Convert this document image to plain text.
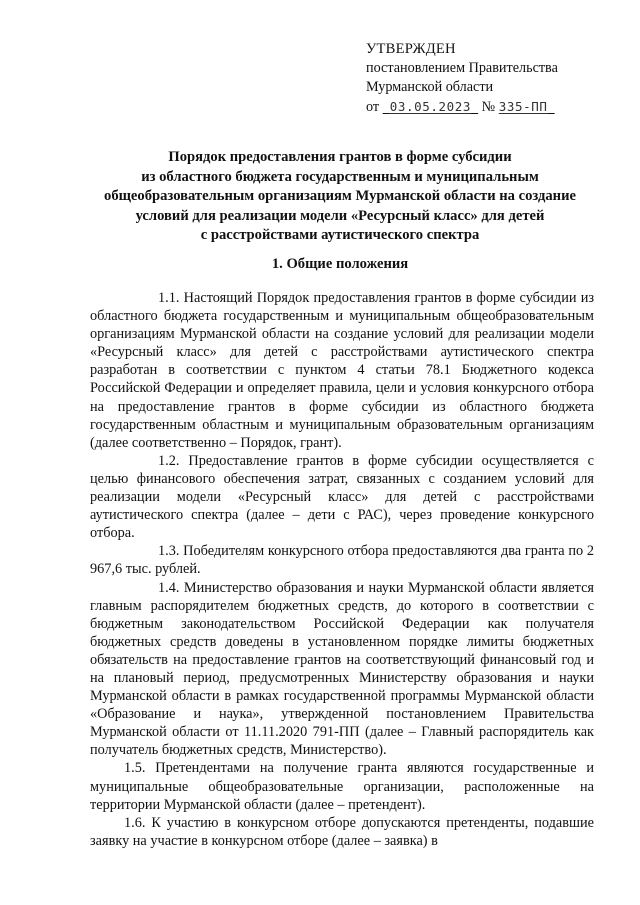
УТВЕРЖДЕН
постановлением Правительства
Мурманской области
от 03.05.2023 № 335-ПП
Порядок предоставления грантов в форме субсидии
из областного бюджета государственным и муниципальным
общеобразовательным организациям Мурманской области на создание
условий для реализации модели «Ресурсный класс» для детей
с расстройствами аутистического спектра
1. Общие положения

1.1. Настоящий Порядок предоставления грантов в форме субсидии из областного бюджета государственным и муниципальным общеобразовательным организациям Мурманской области на создание условий для реализации модели «Ресурсный класс» для детей с расстройствами аутистического спектра разработан в соответствии с пунктом 4 статьи 78.1 Бюджетного кодекса Российской Федерации и определяет правила, цели и условия конкурсного отбора на предоставление грантов в форме субсидии из областного бюджета государственным областным и муниципальным образовательным организациям (далее соответственно – Порядок, грант).

1.2. Предоставление грантов в форме субсидии осуществляется с целью финансового обеспечения затрат, связанных с созданием условий для реализации модели «Ресурсный класс» для детей с расстройствами аутистического спектра (далее – дети с РАС), через проведение конкурсного отбора.

1.3. Победителям конкурсного отбора предоставляются два гранта по 2 967,6 тыс. рублей.

1.4. Министерство образования и науки Мурманской области является главным распорядителем бюджетных средств, до которого в соответствии с бюджетным законодательством Российской Федерации как получателя бюджетных средств доведены в установленном порядке лимиты бюджетных обязательств на предоставление грантов на соответствующий финансовый год и на плановый период, предусмотренных Министерству образования и науки Мурманской области в рамках государственной программы Мурманской области «Образование и наука», утвержденной постановлением Правительства Мурманской области от 11.11.2020 791-ПП (далее – Главный распорядитель как получатель бюджетных средств, Министерство).

1.5. Претендентами на получение гранта являются государственные и муниципальные общеобразовательные организации, расположенные на территории Мурманской области (далее – претендент).

1.6. К участию в конкурсном отборе допускаются претенденты, подавшие заявку на участие в конкурсном отборе (далее – заявка) в
